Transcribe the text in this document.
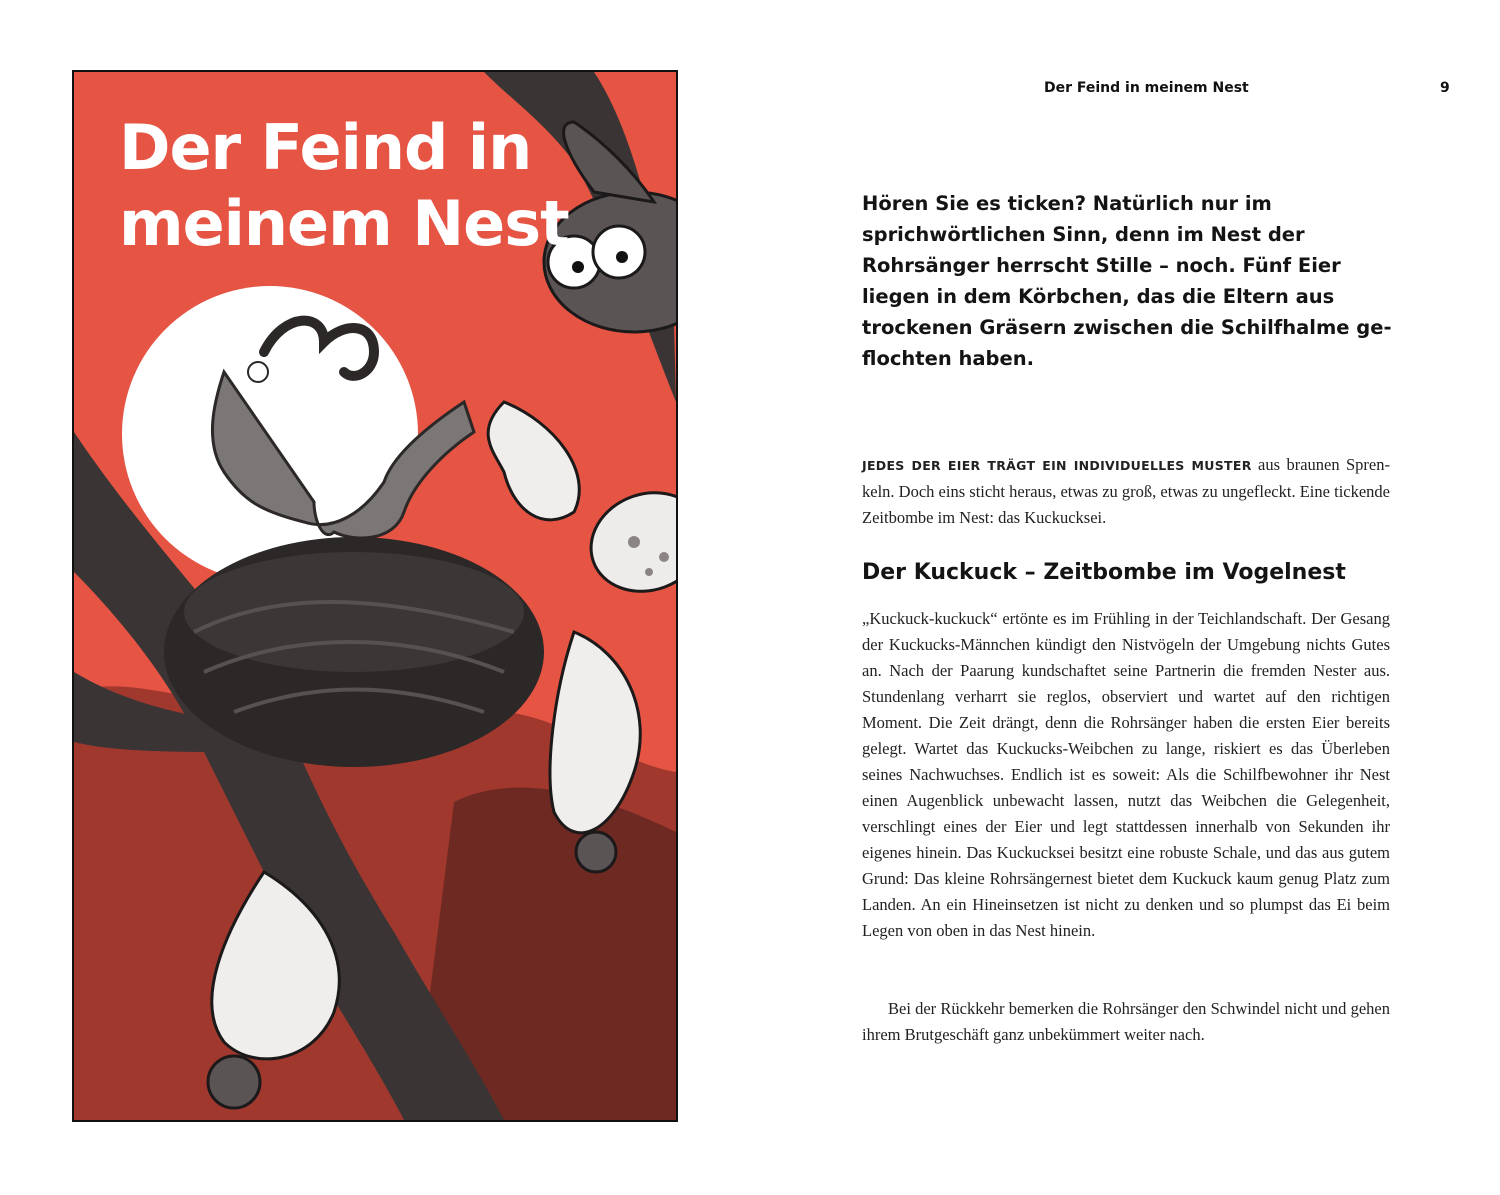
Der Feind in meinem Nest
Der Feind in meinem Nest	9

Hören Sie es ticken? Natürlich nur im sprichwörtlichen Sinn, denn im Nest der Rohrsänger herrscht Stille – noch. Fünf Eier liegen in dem Körbchen, das die Eltern aus trockenen Gräsern zwischen die Schilfhalme geflochten haben.

JEDES DER EIER TRÄGT EIN INDIVIDUELLES MUSTER aus braunen Sprenkeln. Doch eins sticht heraus, etwas zu groß, etwas zu ungefleckt. Eine tickende Zeitbombe im Nest: das Kuckucksei.

Der Kuckuck – Zeitbombe im Vogelnest

„Kuckuck-kuckuck“ ertönte es im Frühling in der Teichlandschaft. Der Gesang der Kuckucks-Männchen kündigt den Nistvögeln der Umgebung nichts Gutes an. Nach der Paarung kundschaftet seine Partnerin die fremden Nester aus. Stundenlang verharrt sie reglos, observiert und wartet auf den richtigen Moment. Die Zeit drängt, denn die Rohrsänger haben die ersten Eier bereits gelegt. Wartet das Kuckucks-Weibchen zu lange, riskiert es das Überleben seines Nachwuchses. Endlich ist es soweit: Als die Schilfbewohner ihr Nest einen Augenblick unbewacht lassen, nutzt das Weibchen die Gelegenheit, verschlingt eines der Eier und legt stattdessen innerhalb von Sekunden ihr eigenes hinein. Das Kuckucksei besitzt eine robuste Schale, und das aus gutem Grund: Das kleine Rohrsängernest bietet dem Kuckuck kaum genug Platz zum Landen. An ein Hineinsetzen ist nicht zu denken und so plumpst das Ei beim Legen von oben in das Nest hinein.

Bei der Rückkehr bemerken die Rohrsänger den Schwindel nicht und gehen ihrem Brutgeschäft ganz unbekümmert weiter nach.
